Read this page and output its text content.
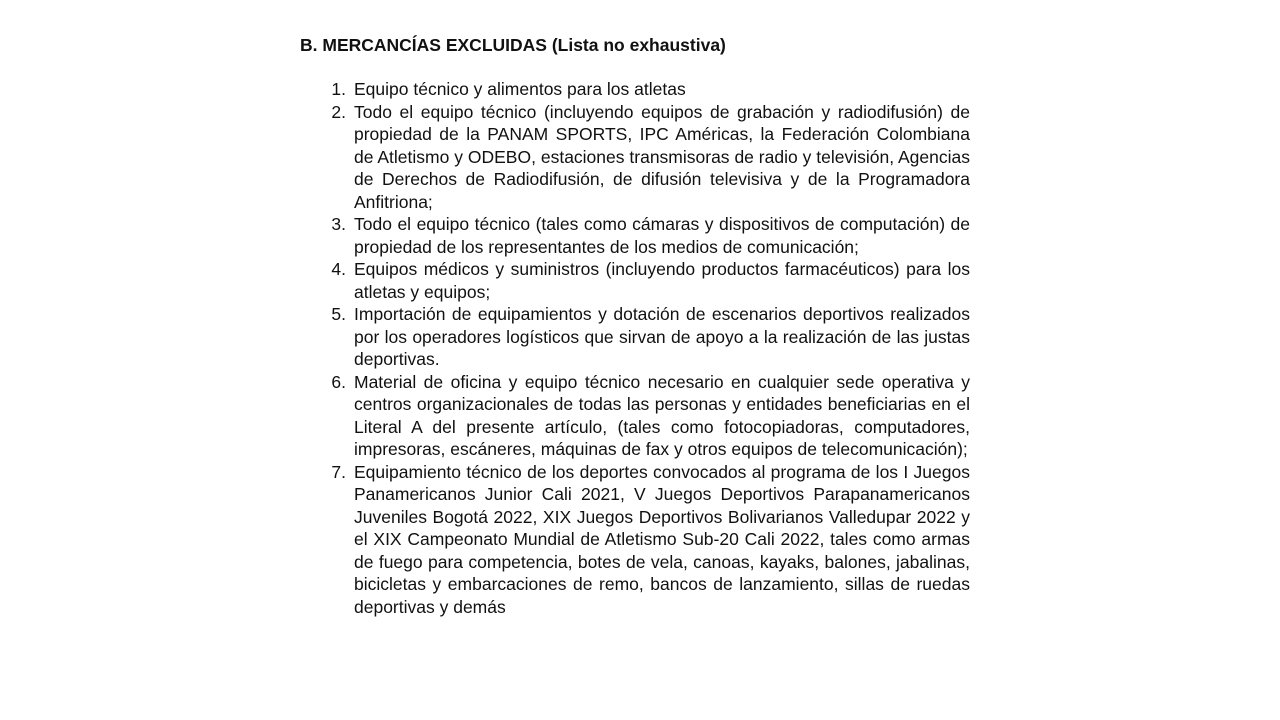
B. MERCANCÍAS EXCLUIDAS (Lista no exhaustiva)
1. Equipo técnico y alimentos para los atletas
2. Todo el equipo técnico (incluyendo equipos de grabación y radiodifusión) de propiedad de la PANAM SPORTS, IPC Américas, la Federación Colombiana de Atletismo y ODEBO, estaciones transmisoras de radio y televisión, Agencias de Derechos de Radiodifusión, de difusión televisiva y de la Programadora Anfitriona;
3. Todo el equipo técnico (tales como cámaras y dispositivos de computación) de propiedad de los representantes de los medios de comunicación;
4. Equipos médicos y suministros (incluyendo productos farmacéuticos) para los atletas y equipos;
5. Importación de equipamientos y dotación de escenarios deportivos realizados por los operadores logísticos que sirvan de apoyo a la realización de las justas deportivas.
6. Material de oficina y equipo técnico necesario en cualquier sede operativa y centros organizacionales de todas las personas y entidades beneficiarias en el Literal A del presente artículo, (tales como fotocopiadoras, computadores, impresoras, escáneres, máquinas de fax y otros equipos de telecomunicación);
7. Equipamiento técnico de los deportes convocados al programa de los I Juegos Panamericanos Junior Cali 2021, V Juegos Deportivos Parapanamericanos Juveniles Bogotá 2022, XIX Juegos Deportivos Bolivarianos Valledupar 2022 y el XIX Campeonato Mundial de Atletismo Sub-20 Cali 2022, tales como armas de fuego para competencia, botes de vela, canoas, kayaks, balones, jabalinas, bicicletas y embarcaciones de remo, bancos de lanzamiento, sillas de ruedas deportivas y demás
